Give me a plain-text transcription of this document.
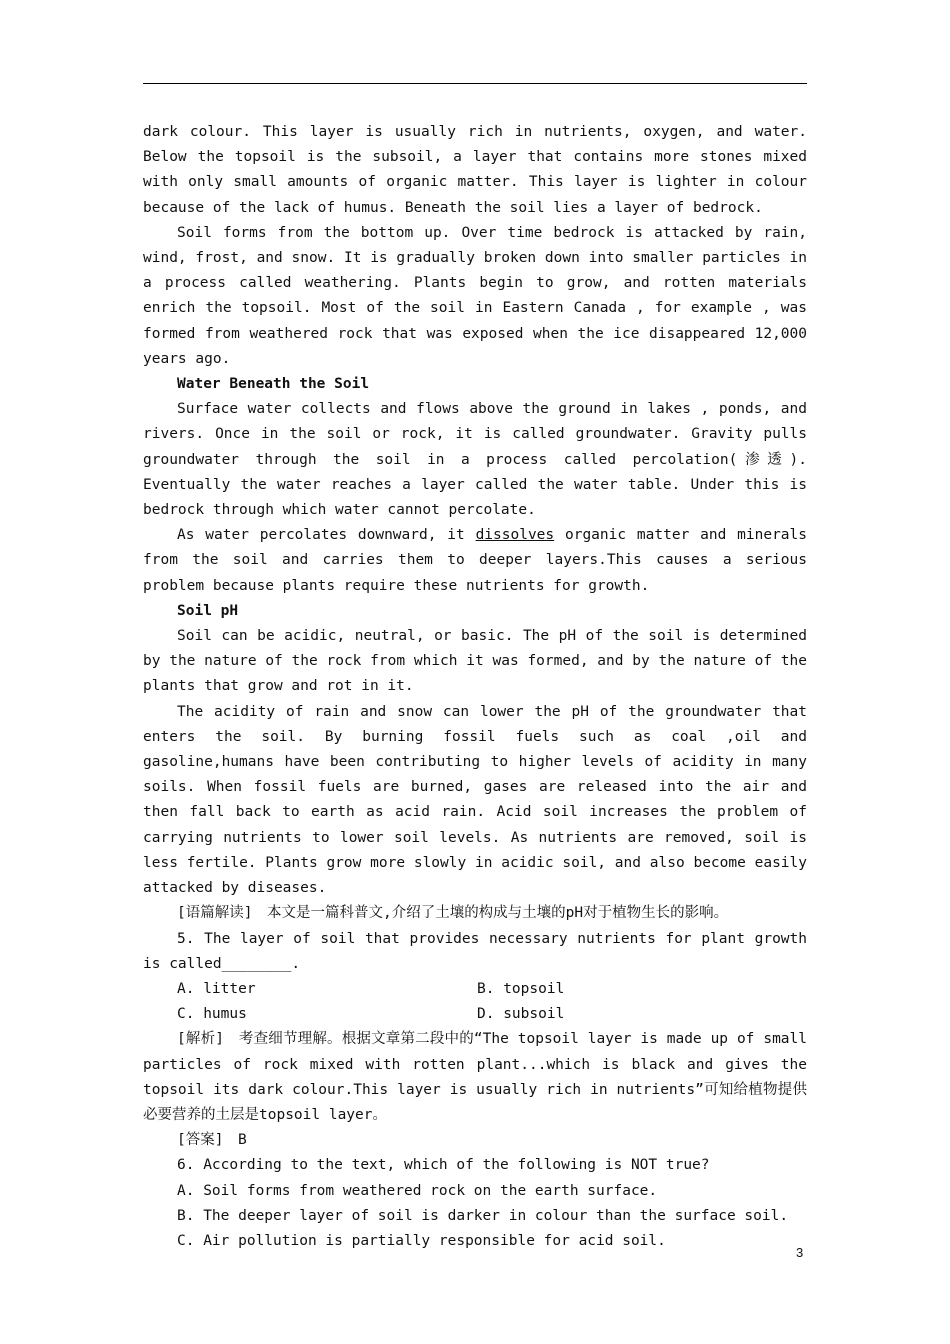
dark colour. This layer is usually rich in nutrients, oxygen, and water. Below the topsoil is the subsoil, a layer that contains more stones mixed with only small amounts of organic matter. This layer is lighter in colour because of the lack of humus. Beneath the soil lies a layer of bedrock.

Soil forms from the bottom up. Over time bedrock is attacked by rain, wind, frost, and snow. It is gradually broken down into smaller particles in a process called weathering. Plants begin to grow, and rotten materials enrich the topsoil. Most of the soil in Eastern Canada , for example , was formed from weathered rock that was exposed when the ice disappeared 12,000 years ago.

Water Beneath the Soil

Surface water collects and flows above the ground in lakes , ponds, and rivers. Once in the soil or rock, it is called groundwater. Gravity pulls groundwater through the soil in a process called percolation(渗透). Eventually the water reaches a layer called the water table. Under this is bedrock through which water cannot percolate.

As water percolates downward, it dissolves organic matter and minerals from the soil and carries them to deeper layers.This causes a serious problem because plants require these nutrients for growth.

Soil pH

Soil can be acidic, neutral, or basic. The pH of the soil is determined by the nature of the rock from which it was formed, and by the nature of the plants that grow and rot in it.

The acidity of rain and snow can lower the pH of the groundwater that enters the soil. By burning fossil fuels such as coal ,oil and gasoline,humans have been contributing to higher levels of acidity in many soils. When fossil fuels are burned, gases are released into the air and then fall back to earth as acid rain. Acid soil increases the problem of carrying nutrients to lower soil levels. As nutrients are removed, soil is less fertile. Plants grow more slowly in acidic soil, and also become easily attacked by diseases.

[语篇解读]　本文是一篇科普文,介绍了土壤的构成与土壤的pH对于植物生长的影响。

5. The layer of soil that provides necessary nutrients for plant growth is called________.

A. litter	B. topsoil
C. humus	D. subsoil

[解析]　考查细节理解。根据文章第二段中的“The topsoil layer is made up of small particles of rock mixed with rotten plant...which is black and gives the topsoil its dark colour.This layer is usually rich in nutrients”可知给植物提供必要营养的土层是topsoil layer。

[答案]　B

6. According to the text, which of the following is NOT true?

A. Soil forms from weathered rock on the earth surface.

B. The deeper layer of soil is darker in colour than the surface soil.

C. Air pollution is partially responsible for acid soil.

3
